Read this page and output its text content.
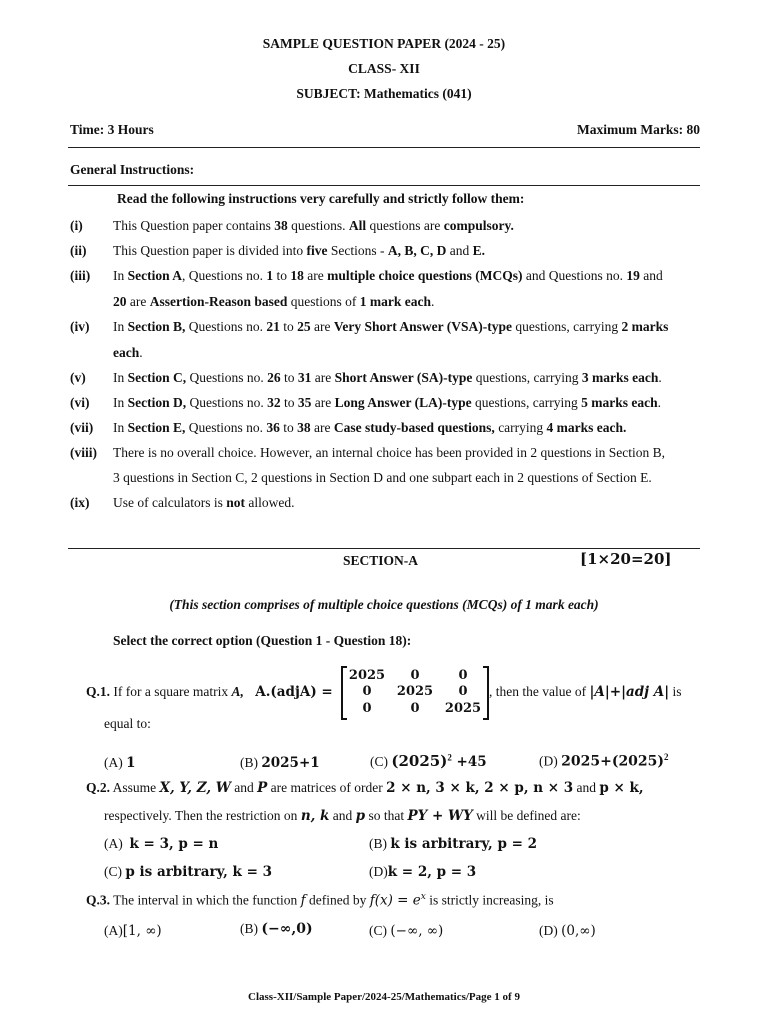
SAMPLE QUESTION PAPER (2024 - 25)
CLASS- XII
SUBJECT: Mathematics (041)
Time: 3 Hours	Maximum Marks: 80
General Instructions:
Read the following instructions very carefully and strictly follow them:
(i) This Question paper contains 38 questions. All questions are compulsory.
(ii) This Question paper is divided into five Sections - A, B, C, D and E.
(iii) In Section A, Questions no. 1 to 18 are multiple choice questions (MCQs) and Questions no. 19 and
20 are Assertion-Reason based questions of 1 mark each.
(iv) In Section B, Questions no. 21 to 25 are Very Short Answer (VSA)-type questions, carrying 2 marks
each.
(v) In Section C, Questions no. 26 to 31 are Short Answer (SA)-type questions, carrying 3 marks each.
(vi) In Section D, Questions no. 32 to 35 are Long Answer (LA)-type questions, carrying 5 marks each.
(vii) In Section E, Questions no. 36 to 38 are Case study-based questions, carrying 4 marks each.
(viii) There is no overall choice. However, an internal choice has been provided in 2 questions in Section B,
3 questions in Section C, 2 questions in Section D and one subpart each in 2 questions of Section E.
(ix) Use of calculators is not allowed.
SECTION-A	[1×20=20]
(This section comprises of multiple choice questions (MCQs) of 1 mark each)
Select the correct option (Question 1 - Question 18):
Q.1. If for a square matrix A, A.(adjA) =
2025	0	0
0	2025	0
0	0	2025
, then the value of |A|+|adj A| is
equal to:
(A) 1	(B) 2025+1	(C) $(2025)^2 +45$	(D) $2025+(2025)^2$
Q.2. Assume X, Y, Z, W and P are matrices of order 2 × n, 3 × k, 2 × p, n × 3 and p × k,
respectively. Then the restriction on n, k and p so that PY + WY will be defined are:
(A) k = 3, p = n	(B) k is arbitrary, p = 2
(C) p is arbitrary, k = 3	(D)k = 2, p = 3
Q.3. The interval in which the function f defined by $f(x) = e^x$ is strictly increasing, is
(A)[1, ∞)	(B) (−∞,0)	(C) (−∞, ∞)	(D) (0,∞)
Class-XII/Sample Paper/2024-25/Mathematics/Page 1 of 9
